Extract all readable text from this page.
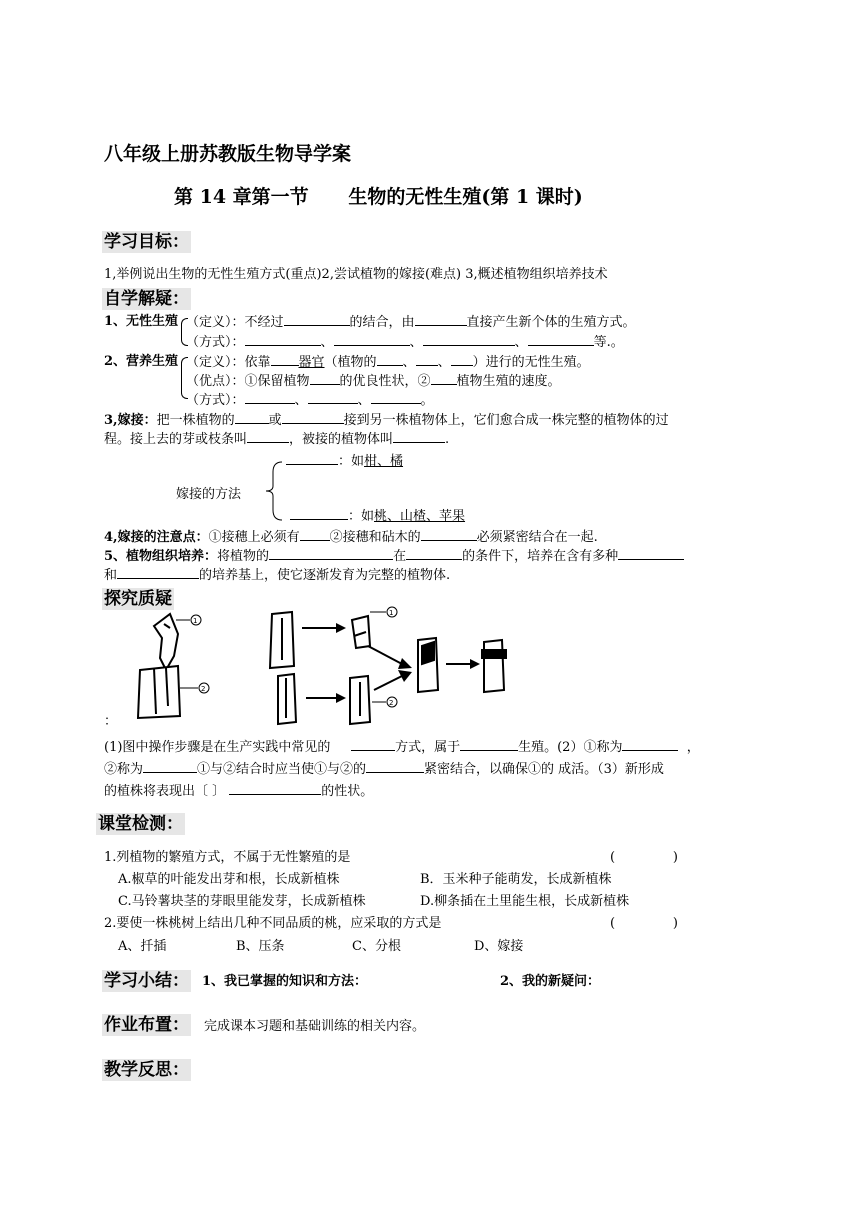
八年级上册苏教版生物导学案
第 14 章第一节      生物的无性生殖(第 1 课时)
学习目标：
1,举例说出生物的无性生殖方式(重点)2,尝试植物的嫁接(难点) 3,概述植物组织培养技术
自学解疑：
1、无性生殖 （定义）：不经过	的结合，由	直接产生新个体的生殖方式。
（方式）：	、	、	、	等.。
2、营养生殖 （定义）：依靠 器官（植物的 、 、 ）进行的无性生殖。
（优点）：①保留植物 的优良性状，② 植物生殖的速度。
（方式）：	、	、	。
3,嫁接：把一株植物的	或	接到另一株植物体上，它们愈合成一株完整的植物体的过
程。接上去的芽或枝条叫	，被接的植物体叫	.
嫁接的方法
：如柑、橘
：如桃、山楂、苹果
4,嫁接的注意点：①接穗上必须有 ②接穗和砧木的	必须紧密结合在一起.
5、植物组织培养：将植物的	在	的条件下，培养在含有多种
和	的培养基上，使它逐渐发育为完整的植物体.
探究质疑
1
2
1
2
：
(1)图中操作步骤是在生产实践中常见的	方式，属于	生殖。(2）①称为	，
②称为	①与②结合时应当使①与②的	紧密结合，以确保①的 成活。（3）新形成
的植株将表现出〔 〕	的性状。
课堂检测：
1.列植物的繁殖方式，不属于无性繁殖的是	(              )
A.椒草的叶能发出芽和根，长成新植株	B．玉米种子能萌发，长成新植株
C.马铃薯块茎的芽眼里能发芽，长成新植株	D.柳条插在土里能生根，长成新植株
2.要使一株桃树上结出几种不同品质的桃，应采取的方式是	(              )
A、扦插	B、压条	C、分根	D、嫁接
学习小结： 1、我已掌握的知识和方法：	2、我的新疑问：
作业布置： 完成课本习题和基础训练的相关内容。
教学反思：
